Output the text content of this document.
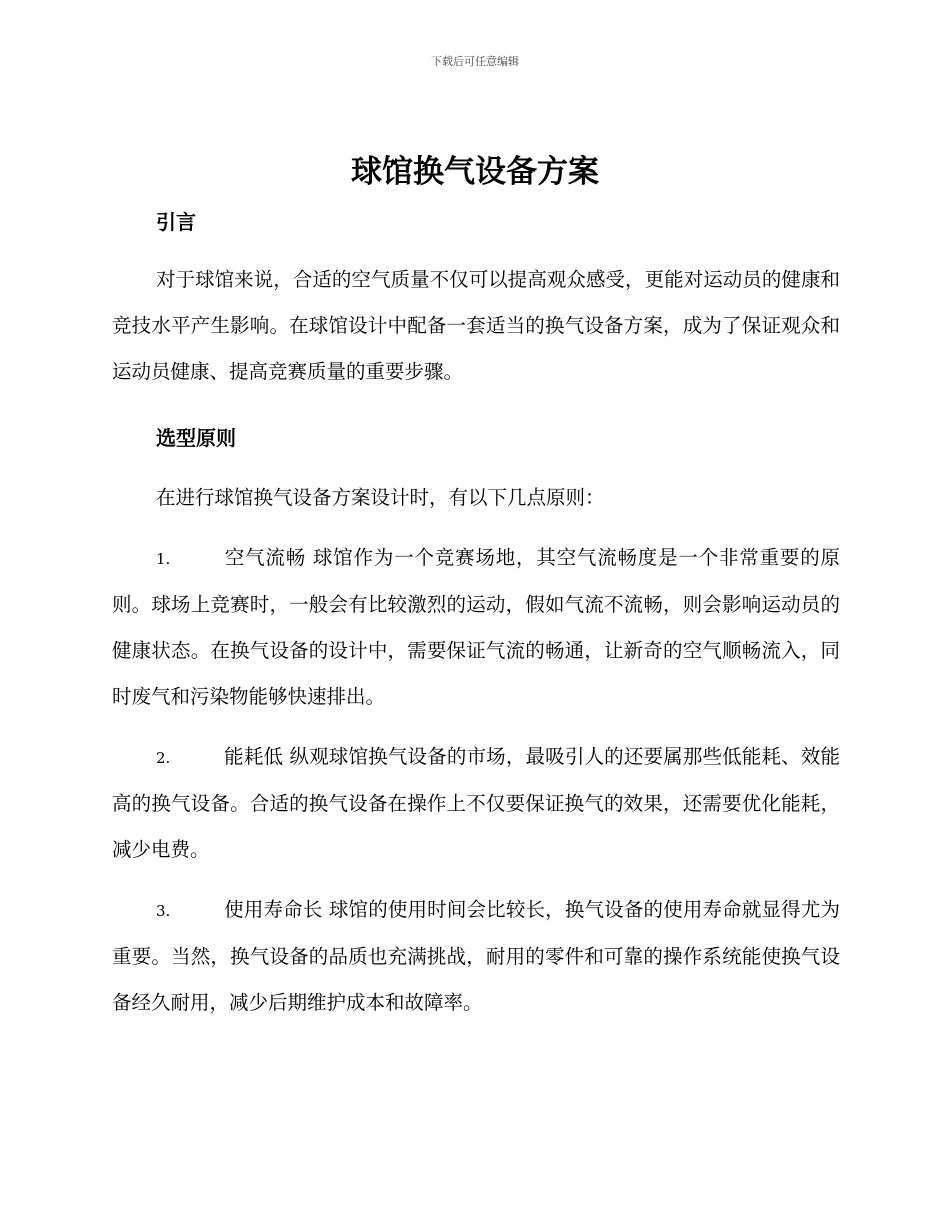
下载后可任意编辑
球馆换气设备方案
引言

对于球馆来说，合适的空气质量不仅可以提高观众感受，更能对运动员的健康和竞技水平产生影响。在球馆设计中配备一套适当的换气设备方案，成为了保证观众和运动员健康、提高竞赛质量的重要步骤。

选型原则

在进行球馆换气设备方案设计时，有以下几点原则：

1.	空气流畅 球馆作为一个竞赛场地，其空气流畅度是一个非常重要的原则。球场上竞赛时，一般会有比较激烈的运动，假如气流不流畅，则会影响运动员的健康状态。在换气设备的设计中，需要保证气流的畅通，让新奇的空气顺畅流入，同时废气和污染物能够快速排出。

2.	能耗低 纵观球馆换气设备的市场，最吸引人的还要属那些低能耗、效能高的换气设备。合适的换气设备在操作上不仅要保证换气的效果，还需要优化能耗，减少电费。

3.	使用寿命长 球馆的使用时间会比较长，换气设备的使用寿命就显得尤为重要。当然，换气设备的品质也充满挑战，耐用的零件和可靠的操作系统能使换气设备经久耐用，减少后期维护成本和故障率。
